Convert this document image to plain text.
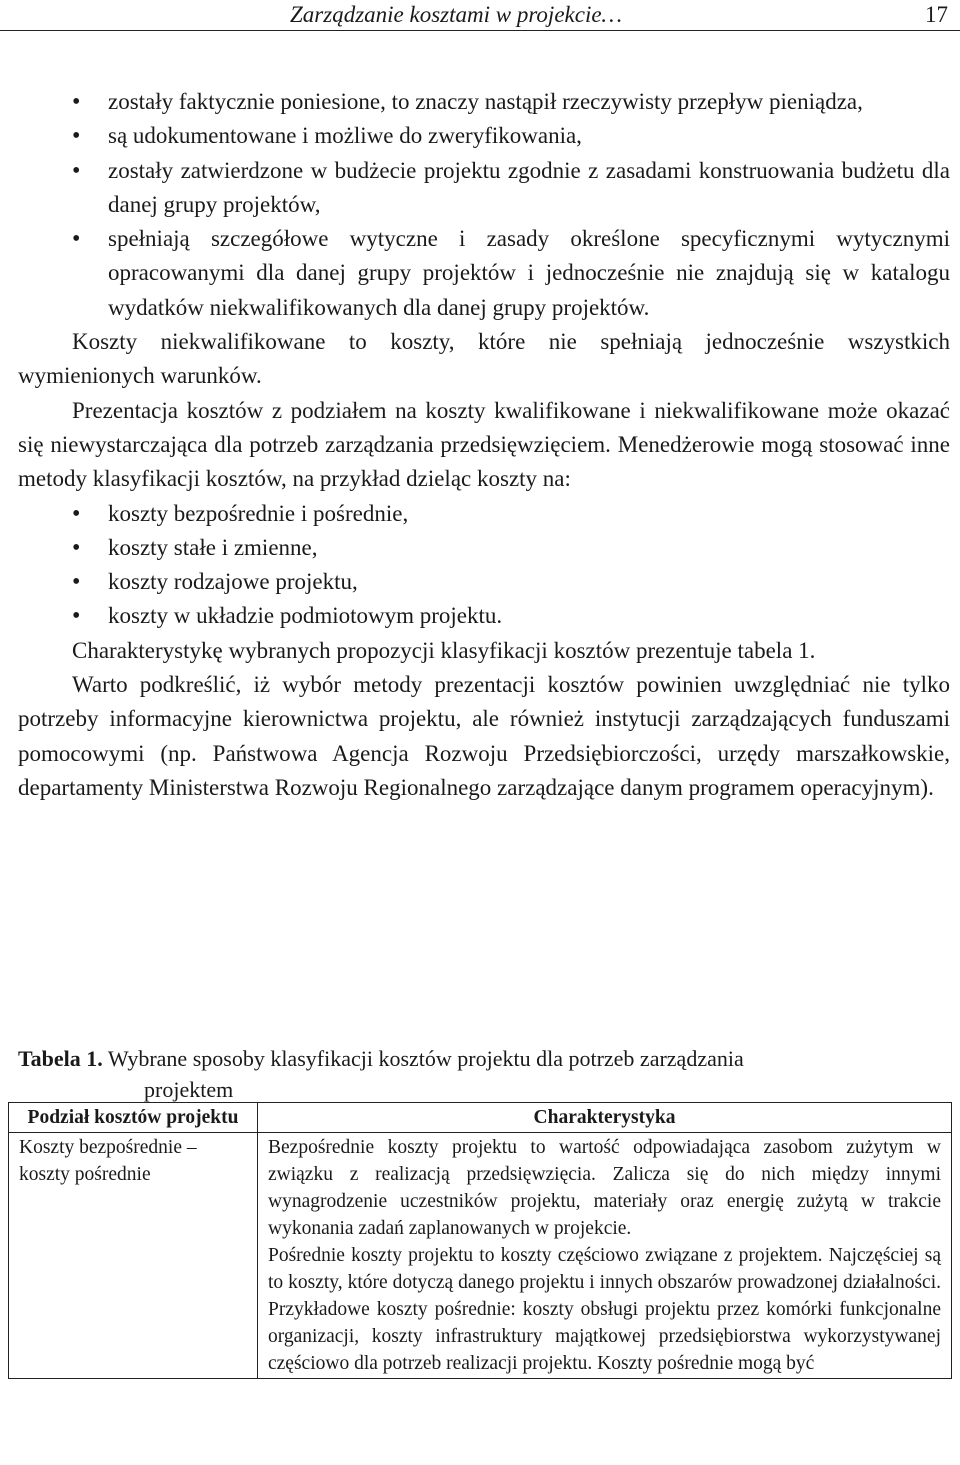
Zarządzanie kosztami w projekcie…	17
• zostały faktycznie poniesione, to znaczy nastąpił rzeczywisty przepływ pieniądza,
• są udokumentowane i możliwe do zweryfikowania,
• zostały zatwierdzone w budżecie projektu zgodnie z zasadami konstruowania budżetu dla danej grupy projektów,
• spełniają szczegółowe wytyczne i zasady określone specyficznymi wytycznymi opracowanymi dla danej grupy projektów i jednocześnie nie znajdują się w katalogu wydatków niekwalifikowanych dla danej grupy projektów.

Koszty niekwalifikowane to koszty, które nie spełniają jednocześnie wszystkich wymienionych warunków.

Prezentacja kosztów z podziałem na koszty kwalifikowane i niekwalifikowane może okazać się niewystarczająca dla potrzeb zarządzania przedsięwzięciem. Menedżerowie mogą stosować inne metody klasyfikacji kosztów, na przykład dzieląc koszty na:

• koszty bezpośrednie i pośrednie,
• koszty stałe i zmienne,
• koszty rodzajowe projektu,
• koszty w układzie podmiotowym projektu.

Charakterystykę wybranych propozycji klasyfikacji kosztów prezentuje tabela 1.

Warto podkreślić, iż wybór metody prezentacji kosztów powinien uwzględniać nie tylko potrzeby informacyjne kierownictwa projektu, ale również instytucji zarządzających funduszami pomocowymi (np. Państwowa Agencja Rozwoju Przedsiębiorczości, urzędy marszałkowskie, departamenty Ministerstwa Rozwoju Regionalnego zarządzające danym programem operacyjnym).

Tabela 1. Wybrane sposoby klasyfikacji kosztów projektu dla potrzeb zarządzania
projektem
Podział kosztów projektu	Charakterystyka
Koszty bezpośrednie – koszty pośrednie	Bezpośrednie koszty projektu to wartość odpowiadająca zasobom zużytym w związku z realizacją przedsięwzięcia. Zalicza się do nich między innymi wynagrodzenie uczestników projektu, materiały oraz energię zużytą w trakcie wykonania zadań zaplanowanych w projekcie.

Pośrednie koszty projektu to koszty częściowo związane z projektem. Najczęściej są to koszty, które dotyczą danego projektu i innych obszarów prowadzonej działalności. Przykładowe koszty pośrednie: koszty obsługi projektu przez komórki funkcjonalne organizacji, koszty infrastruktury majątkowej przedsiębiorstwa wykorzystywanej częściowo dla potrzeb realizacji projektu. Koszty pośrednie mogą być
